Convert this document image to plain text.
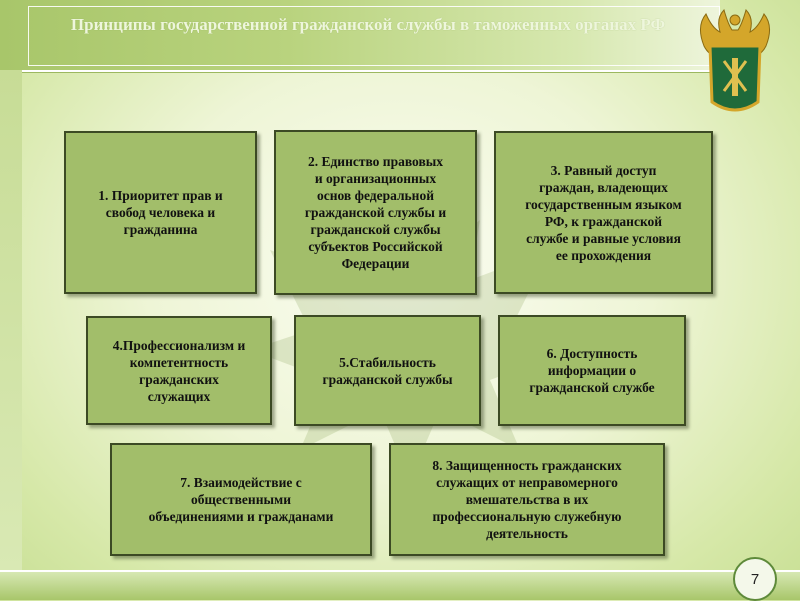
Принципы государственной гражданской службы в таможенных органах РФ
1. Приоритет прав и
свобод человека и
гражданина
2. Единство правовых
и организационных
основ федеральной
гражданской службы и
гражданской службы
субъектов Российской
Федерации
3. Равный доступ
граждан, владеющих
государственным языком
РФ, к гражданской
службе и равные условия
ее прохождения
4.Профессионализм и
компетентность
гражданских
служащих
5.Стабильность
гражданской службы
6. Доступность
информации о
гражданской службе
7. Взаимодействие с
общественными
объединениями и гражданами
8. Защищенность гражданских
служащих от неправомерного
вмешательства в их
профессиональную служебную
деятельность
7
